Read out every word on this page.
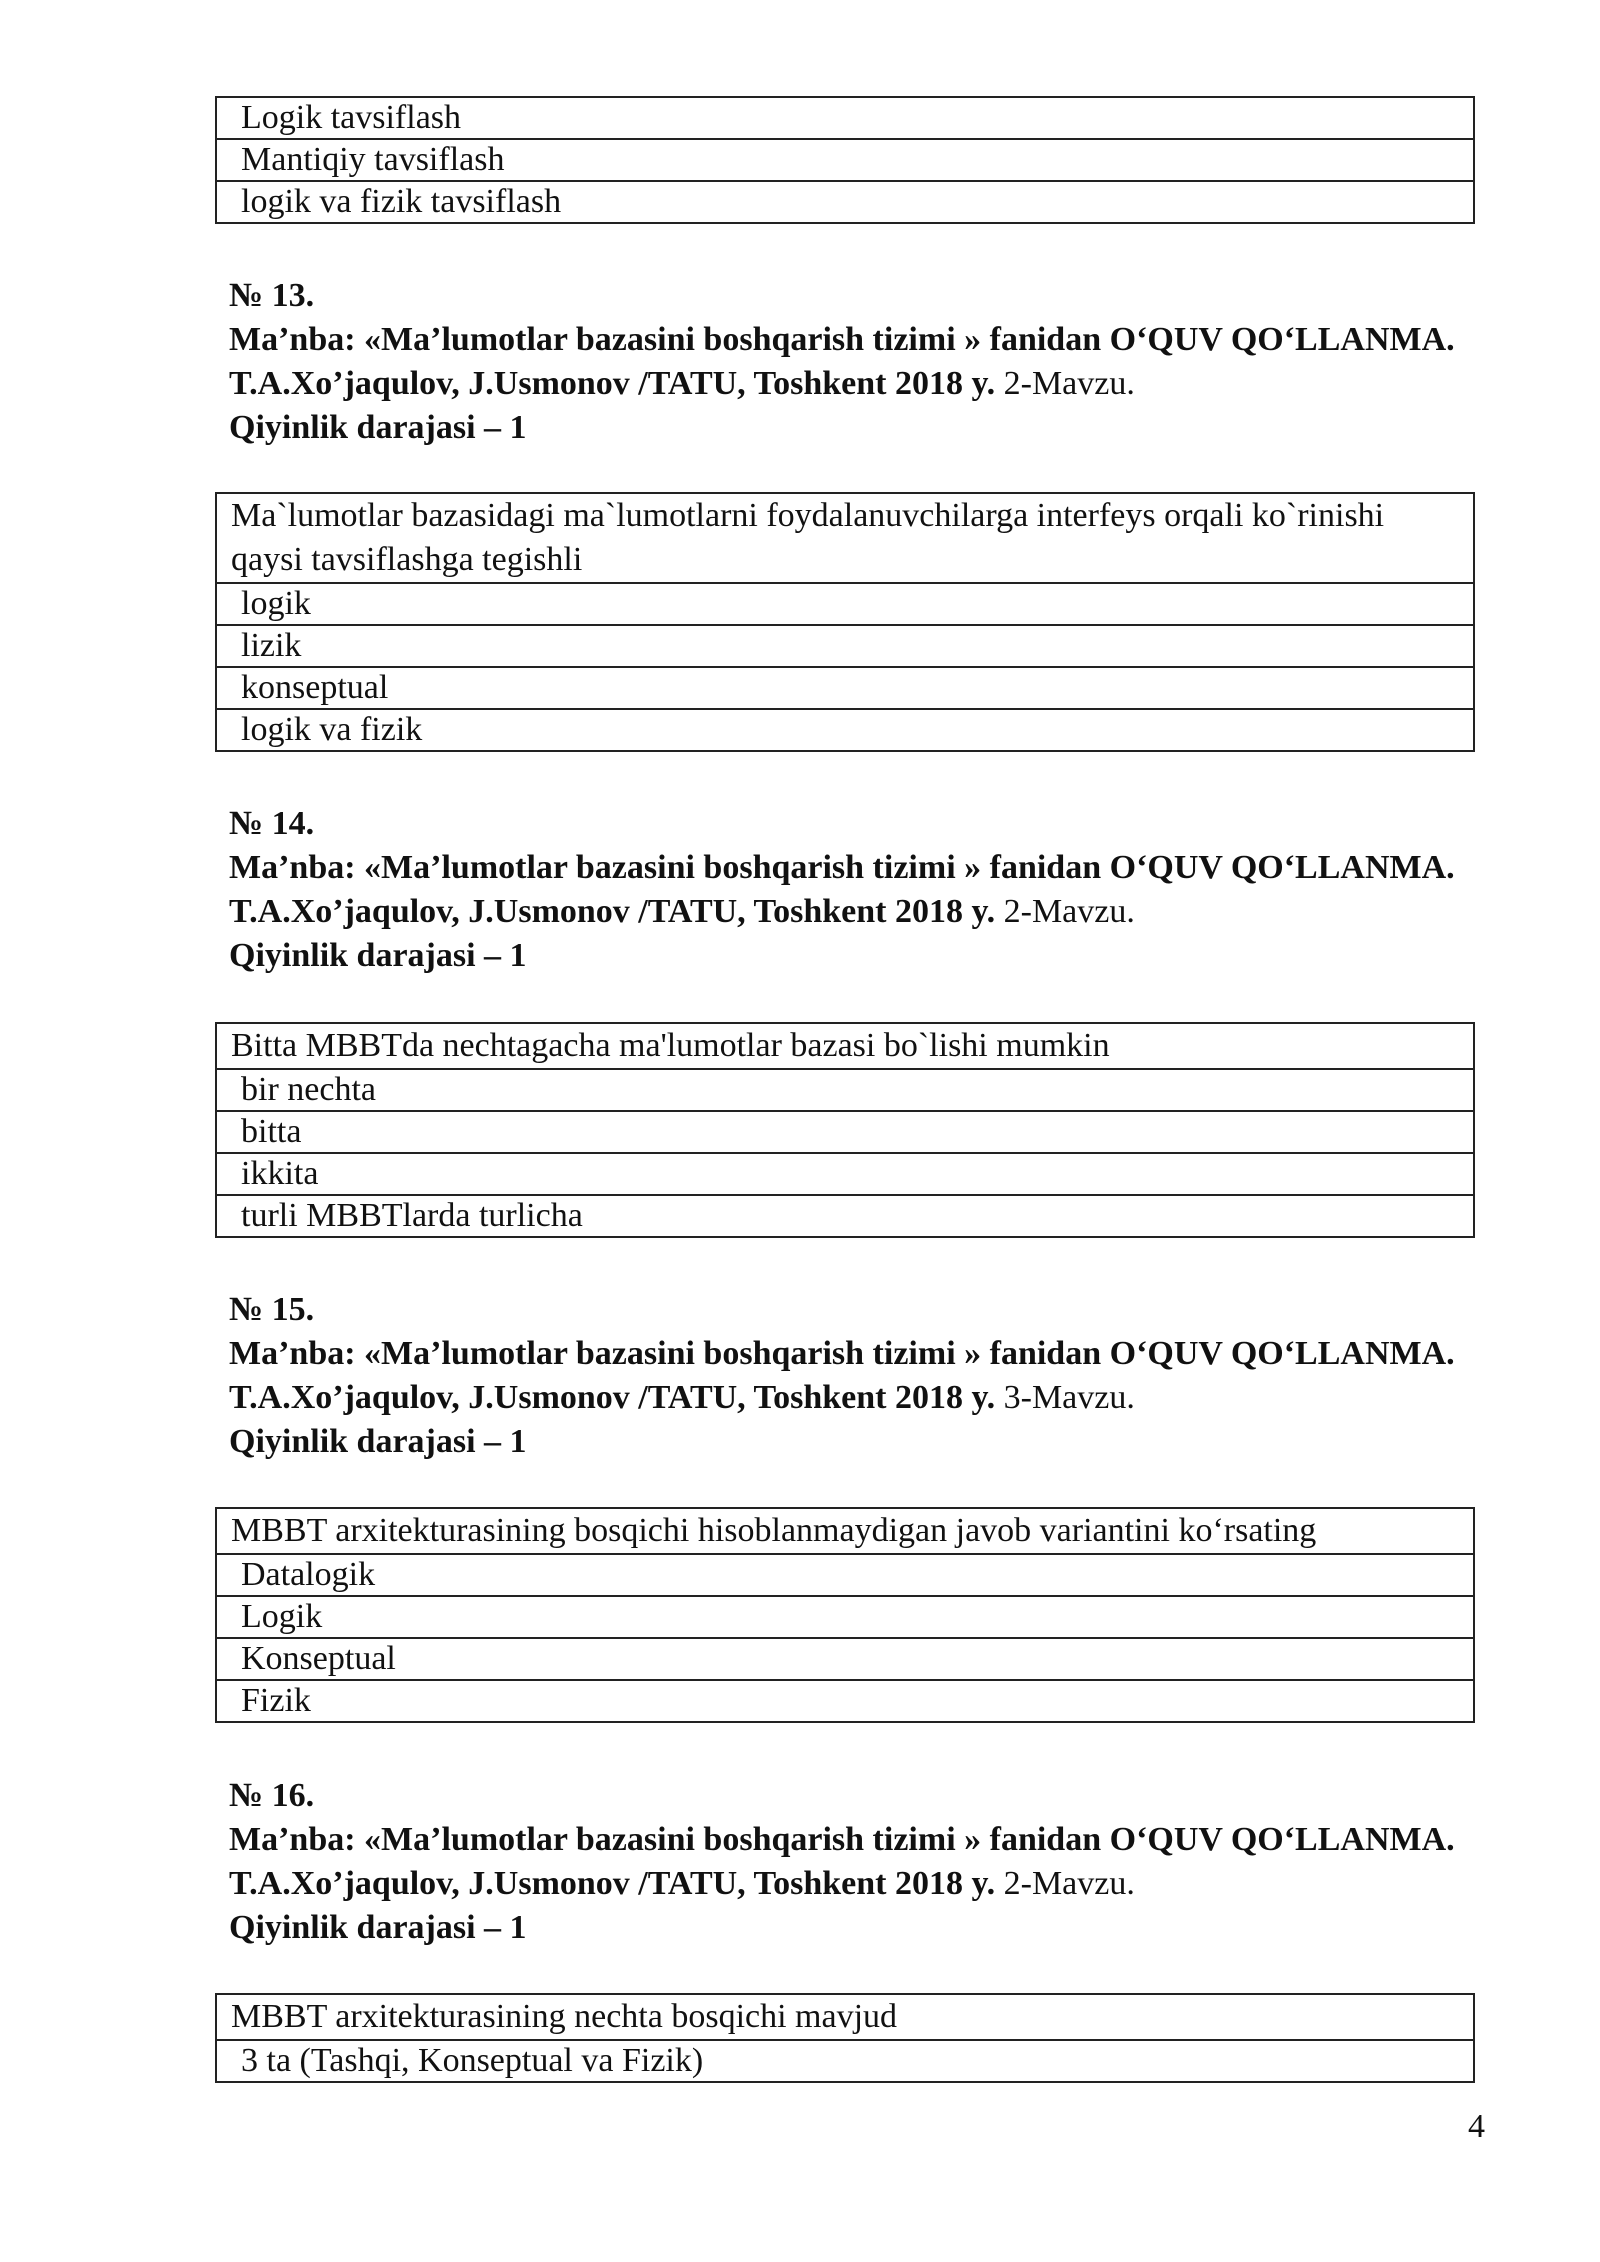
Logik tavsiflash
Mantiqiy tavsiflash
logik va fizik tavsiflash
№ 13.
Ma’nba: «Ma’lumotlar bazasini boshqarish tizimi » fanidan O‘QUV QO‘LLANMA. T.A.Xo’jaqulov, J.Usmonov /TATU, Toshkent 2018 y. 2-Mavzu.
Qiyinlik darajasi – 1
Ma`lumotlar bazasidagi ma`lumotlarni foydalanuvchilarga interfeys orqali ko`rinishi qaysi tavsiflashga tegishli
logik
lizik
konseptual
logik va fizik
№ 14.
Ma’nba: «Ma’lumotlar bazasini boshqarish tizimi » fanidan O‘QUV QO‘LLANMA. T.A.Xo’jaqulov, J.Usmonov /TATU, Toshkent 2018 y. 2-Mavzu.
Qiyinlik darajasi – 1
Bitta MBBTda nechtagacha ma'lumotlar bazasi bo`lishi mumkin
bir nechta
bitta
ikkita
turli MBBTlarda turlicha
№ 15.
Ma’nba: «Ma’lumotlar bazasini boshqarish tizimi » fanidan O‘QUV QO‘LLANMA. T.A.Xo’jaqulov, J.Usmonov /TATU, Toshkent 2018 y. 3-Mavzu.
Qiyinlik darajasi – 1
MBBT arxitekturasining bosqichi hisoblanmaydigan javob variantini ko‘rsating
Datalogik
Logik
Konseptual
Fizik
№ 16.
Ma’nba: «Ma’lumotlar bazasini boshqarish tizimi » fanidan O‘QUV QO‘LLANMA. T.A.Xo’jaqulov, J.Usmonov /TATU, Toshkent 2018 y. 2-Mavzu.
Qiyinlik darajasi – 1
MBBT arxitekturasining nechta bosqichi mavjud
3 ta (Tashqi, Konseptual va Fizik)
4
